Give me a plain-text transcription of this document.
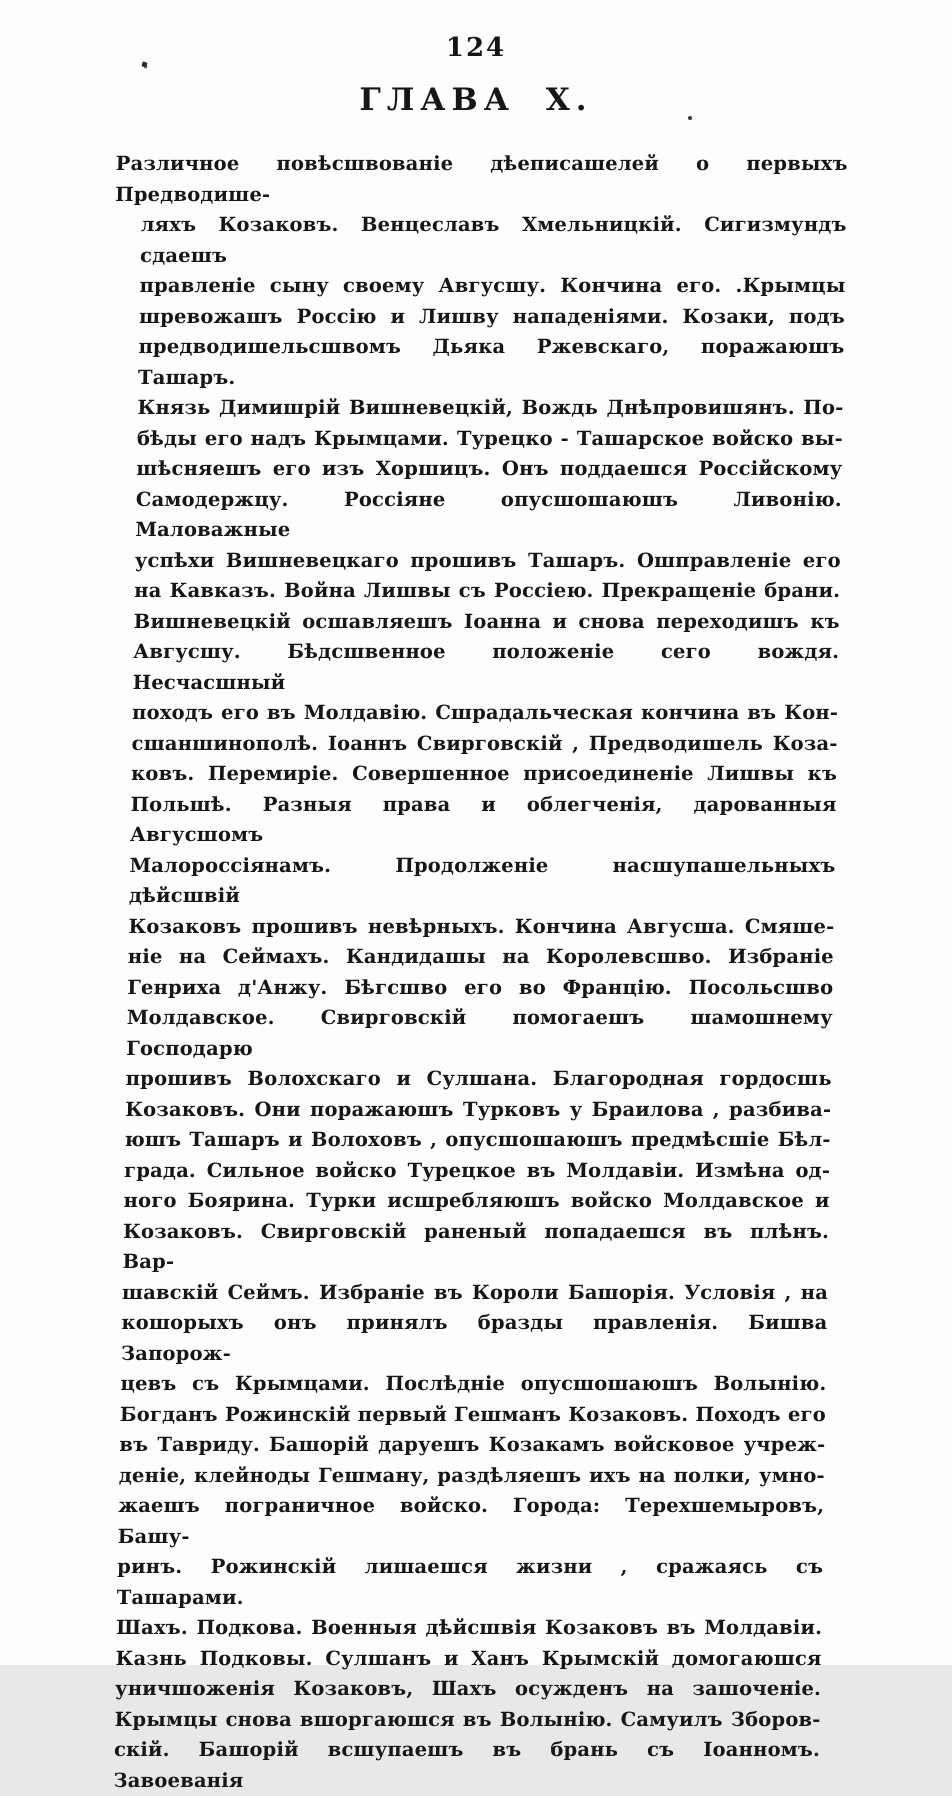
124
ГЛАВА X.
Различное повѣсшвованіе дѣеписашелей о первыхъ Предводише-
ляхъ Козаковъ. Венцеславъ Хмельницкій. Сигизмундъ сдаешъ
правленіе сыну своему Авгусшу. Кончина его. .Крымцы
шревожашъ Россію и Лишву нападеніями. Козаки, подъ
предводишельсшвомъ Дьяка Ржевскаго, поражаюшъ Ташаръ.
Князь Димишрій Вишневецкій, Вождь Днѣпровишянъ. По-
бѣды его надъ Крымцами. Турецко - Ташарское войско вы-
шѣсняешъ его изъ Хоршицъ. Онъ поддаешся Россійскому
Самодержцу. Россіяне опусшошаюшъ Ливонію. Маловажные
успѣхи Вишневецкаго прошивъ Ташаръ. Ошправленіе его
на Кавказъ. Война Лишвы съ Россіею. Прекращеніе брани.
Вишневецкій осшавляешъ Іоанна и снова переходишъ къ
Авгусшу. Бѣдсшвенное положеніе сего вождя. Несчасшный
походъ его въ Молдавію. Сшрадальческая кончина въ Кон-
сшаншинополѣ. Іоаннъ Свирговскій , Предводишель Коза-
ковъ. Перемиріе. Совершенное присоединеніе Лишвы къ
Польшѣ. Разныя права и облегченія, дарованныя Авгусшомъ
Малороссіянамъ. Продолженіе насшупашельныхъ дѣйсшвій
Козаковъ прошивъ невѣрныхъ. Кончина Авгусша. Смяше-
ніе на Сеймахъ. Кандидашы на Королевсшво. Избраніе
Генриха д'Анжу. Бѣгсшво его во Францію. Посольсшво
Молдавское. Свирговскій помогаешъ шамошнему Господарю
прошивъ Волохскаго и Сулшана. Благородная гордосшь
Козаковъ. Они поражаюшъ Турковъ у Браилова , разбива-
юшъ Ташаръ и Волоховъ , опусшошаюшъ предмѣсшіе Бѣл-
града. Сильное войско Турецкое въ Молдавіи. Измѣна од-
ного Боярина. Турки исшребляюшъ войско Молдавское и
Козаковъ. Свирговскій раненый попадаешся въ плѣнъ. Вар-
шавскій Сеймъ. Избраніе въ Короли Башорія. Условія , на
кошорыхъ онъ принялъ бразды правленія. Бишва Запорож-
цевъ съ Крымцами. Послѣдніе опусшошаюшъ Волынію.
Богданъ Рожинскій первый Гешманъ Козаковъ. Походъ его
въ Тавриду. Башорій даруешъ Козакамъ войсковое учреж-
деніе, клейноды Гешману, раздѣляешъ ихъ на полки, умно-
жаешъ пограничное войско. Города: Терехшемыровъ, Башу-
ринъ. Рожинскій лишаешся жизни , сражаясь съ Ташарами.
Шахъ. Подкова. Военныя дѣйсшвія Козаковъ въ Молдавіи.
Казнь Подковы. Сулшанъ и Ханъ Крымскій домогаюшся
уничшоженія Козаковъ, Шахъ осужденъ на зашоченіе.
Крымцы снова вшоргаюшся въ Волынію. Самуилъ Зборов-
скій. Башорій всшупаешъ въ брань съ Іоанномъ. Завоеванія
